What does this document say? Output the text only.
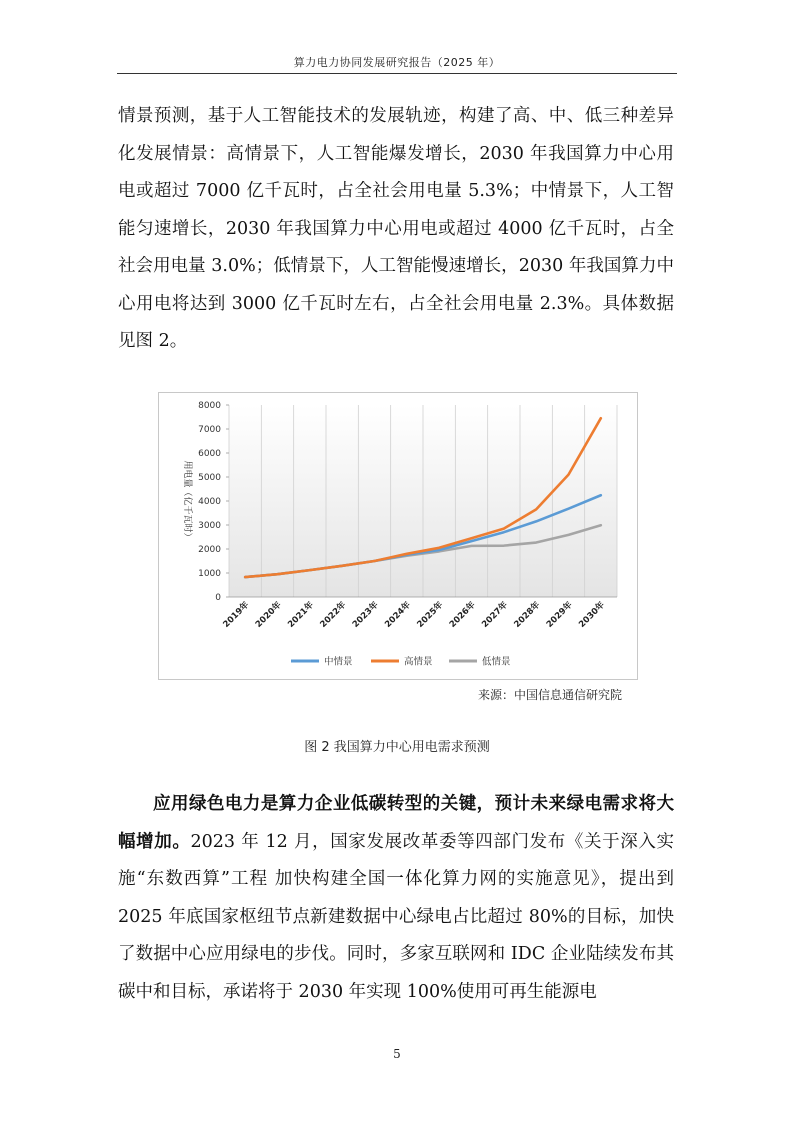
算力电力协同发展研究报告（2025 年）
情景预测，基于人工智能技术的发展轨迹，构建了高、中、低三种差异化发展情景：高情景下，人工智能爆发增长，2030 年我国算力中心用电或超过 7000 亿千瓦时，占全社会用电量 5.3%；中情景下，人工智能匀速增长，2030 年我国算力中心用电或超过 4000 亿千瓦时，占全社会用电量 3.0%；低情景下，人工智能慢速增长，2030 年我国算力中心用电将达到 3000 亿千瓦时左右，占全社会用电量 2.3%。具体数据见图 2。
0
1000
2000
3000
4000
5000
6000
7000
8000
2019年 2020年 2021年 2022年 2023年 2024年 2025年 2026年 2027年 2028年 2029年 2030年
用电量（亿千瓦时）
中情景	高情景	低情景
来源：中国信息通信研究院
图 2 我国算力中心用电需求预测
应用绿色电力是算力企业低碳转型的关键，预计未来绿电需求将大幅增加。2023 年 12 月，国家发展改革委等四部门发布《关于深入实施“东数西算”工程 加快构建全国一体化算力网的实施意见》，提出到 2025 年底国家枢纽节点新建数据中心绿电占比超过 80%的目标，加快了数据中心应用绿电的步伐。同时，多家互联网和 IDC 企业陆续发布其碳中和目标，承诺将于 2030 年实现 100%使用可再生能源电
5
